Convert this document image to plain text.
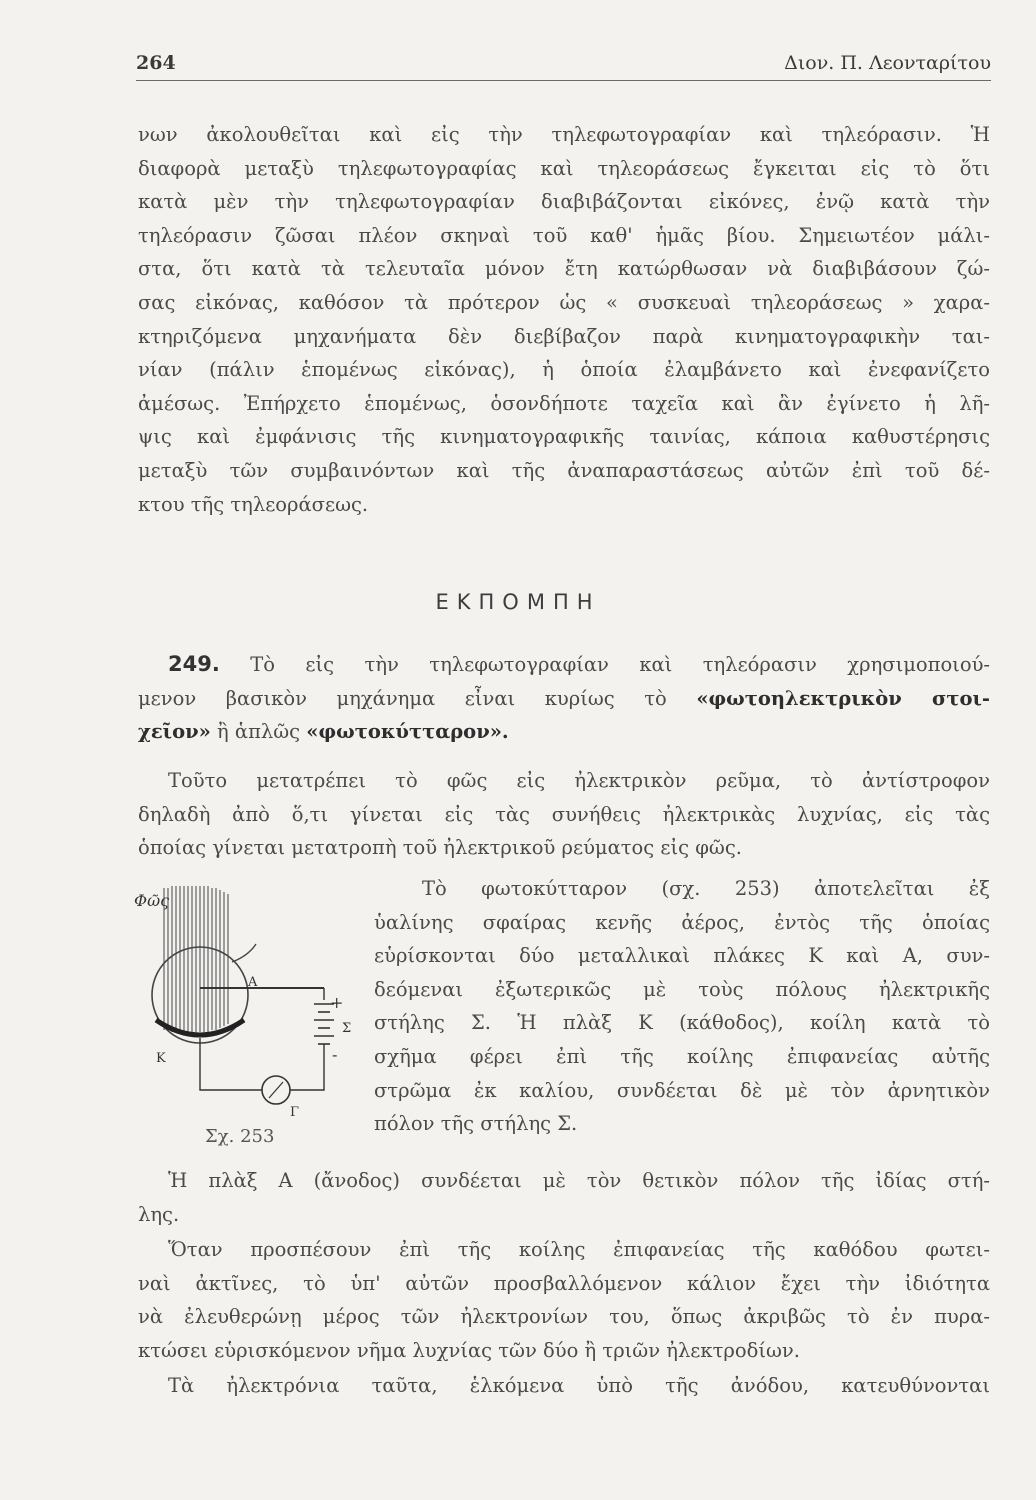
264	Διον. Π. Λεονταρίτου
νων ἀκολουθεῖται καὶ εἰς τὴν τηλεφωτογραφίαν καὶ τηλεόρασιν. Ἡ
διαφορὰ μεταξὺ τηλεφωτογραφίας καὶ τηλεοράσεως ἔγκειται εἰς τὸ ὅτι
κατὰ μὲν τὴν τηλεφωτογραφίαν διαβιβάζονται εἰκόνες, ἐνῷ κατὰ τὴν
τηλεόρασιν ζῶσαι πλέον σκηναὶ τοῦ καθ' ἡμᾶς βίου. Σημειωτέον μάλι-
στα, ὅτι κατὰ τὰ τελευταῖα μόνον ἔτη κατώρθωσαν νὰ διαβιβάσουν ζώ-
σας εἰκόνας, καθόσον τὰ πρότερον ὡς « συσκευαὶ τηλεοράσεως » χαρα-
κτηριζόμενα μηχανήματα δὲν διεβίβαζον παρὰ κινηματογραφικὴν ται-
νίαν (πάλιν ἑπομένως εἰκόνας), ἡ ὁποία ἐλαμβάνετο καὶ ἐνεφανίζετο
ἀμέσως. Ἐπήρχετο ἑπομένως, ὁσονδήποτε ταχεῖα καὶ ἂν ἐγίνετο ἡ λῆ-
ψις καὶ ἐμφάνισις τῆς κινηματογραφικῆς ταινίας, κάποια καθυστέρησις
μεταξὺ τῶν συμβαινόντων καὶ τῆς ἀναπαραστάσεως αὐτῶν ἐπὶ τοῦ δέ-
κτου τῆς τηλεοράσεως.
ΕΚΠΟΜΠΗ
249. Τὸ εἰς τὴν τηλεφωτογραφίαν καὶ τηλεόρασιν χρησιμοποιού-
μενον βασικὸν μηχάνημα εἶναι κυρίως τὸ «φωτοηλεκτρικὸν στοι-
χεῖον» ἢ ἁπλῶς «φωτοκύτταρον».
Τοῦτο μετατρέπει τὸ φῶς εἰς ἠλεκτρικὸν ρεῦμα, τὸ ἀντίστροφον
δηλαδὴ ἀπὸ ὅ,τι γίνεται εἰς τὰς συνήθεις ἠλεκτρικὰς λυχνίας, εἰς τὰς
ὁποίας γίνεται μετατροπὴ τοῦ ἠλεκτρικοῦ ρεύματος εἰς φῶς.
Φῶς
A
K
+
-
Σ
Γ
Σχ. 253
Τὸ φωτοκύτταρον (σχ. 253) ἀποτελεῖται ἐξ
ὑαλίνης σφαίρας κενῆς ἀέρος, ἐντὸς τῆς ὁποίας
εὑρίσκονται δύο μεταλλικαὶ πλάκες Κ καὶ Α, συν-
δεόμεναι ἐξωτερικῶς μὲ τοὺς πόλους ἠλεκτρικῆς
στήλης Σ. Ἡ πλὰξ Κ (κάθοδος), κοίλη κατὰ τὸ
σχῆμα φέρει ἐπὶ τῆς κοίλης ἐπιφανείας αὐτῆς
στρῶμα ἐκ καλίου, συνδέεται δὲ μὲ τὸν ἀρνητικὸν
πόλον τῆς στήλης Σ.
Ἡ πλὰξ Α (ἄνοδος) συνδέεται μὲ τὸν θετικὸν πόλον τῆς ἰδίας στή-
λης.
Ὅταν προσπέσουν ἐπὶ τῆς κοίλης ἐπιφανείας τῆς καθόδου φωτει-
ναὶ ἀκτῖνες, τὸ ὑπ' αὐτῶν προσβαλλόμενον κάλιον ἔχει τὴν ἰδιότητα
νὰ ἐλευθερώνῃ μέρος τῶν ἠλεκτρονίων του, ὅπως ἀκριβῶς τὸ ἐν πυρα-
κτώσει εὑρισκόμενον νῆμα λυχνίας τῶν δύο ἢ τριῶν ἠλεκτροδίων.
Τὰ ἠλεκτρόνια ταῦτα, ἑλκόμενα ὑπὸ τῆς ἀνόδου, κατευθύνονται
